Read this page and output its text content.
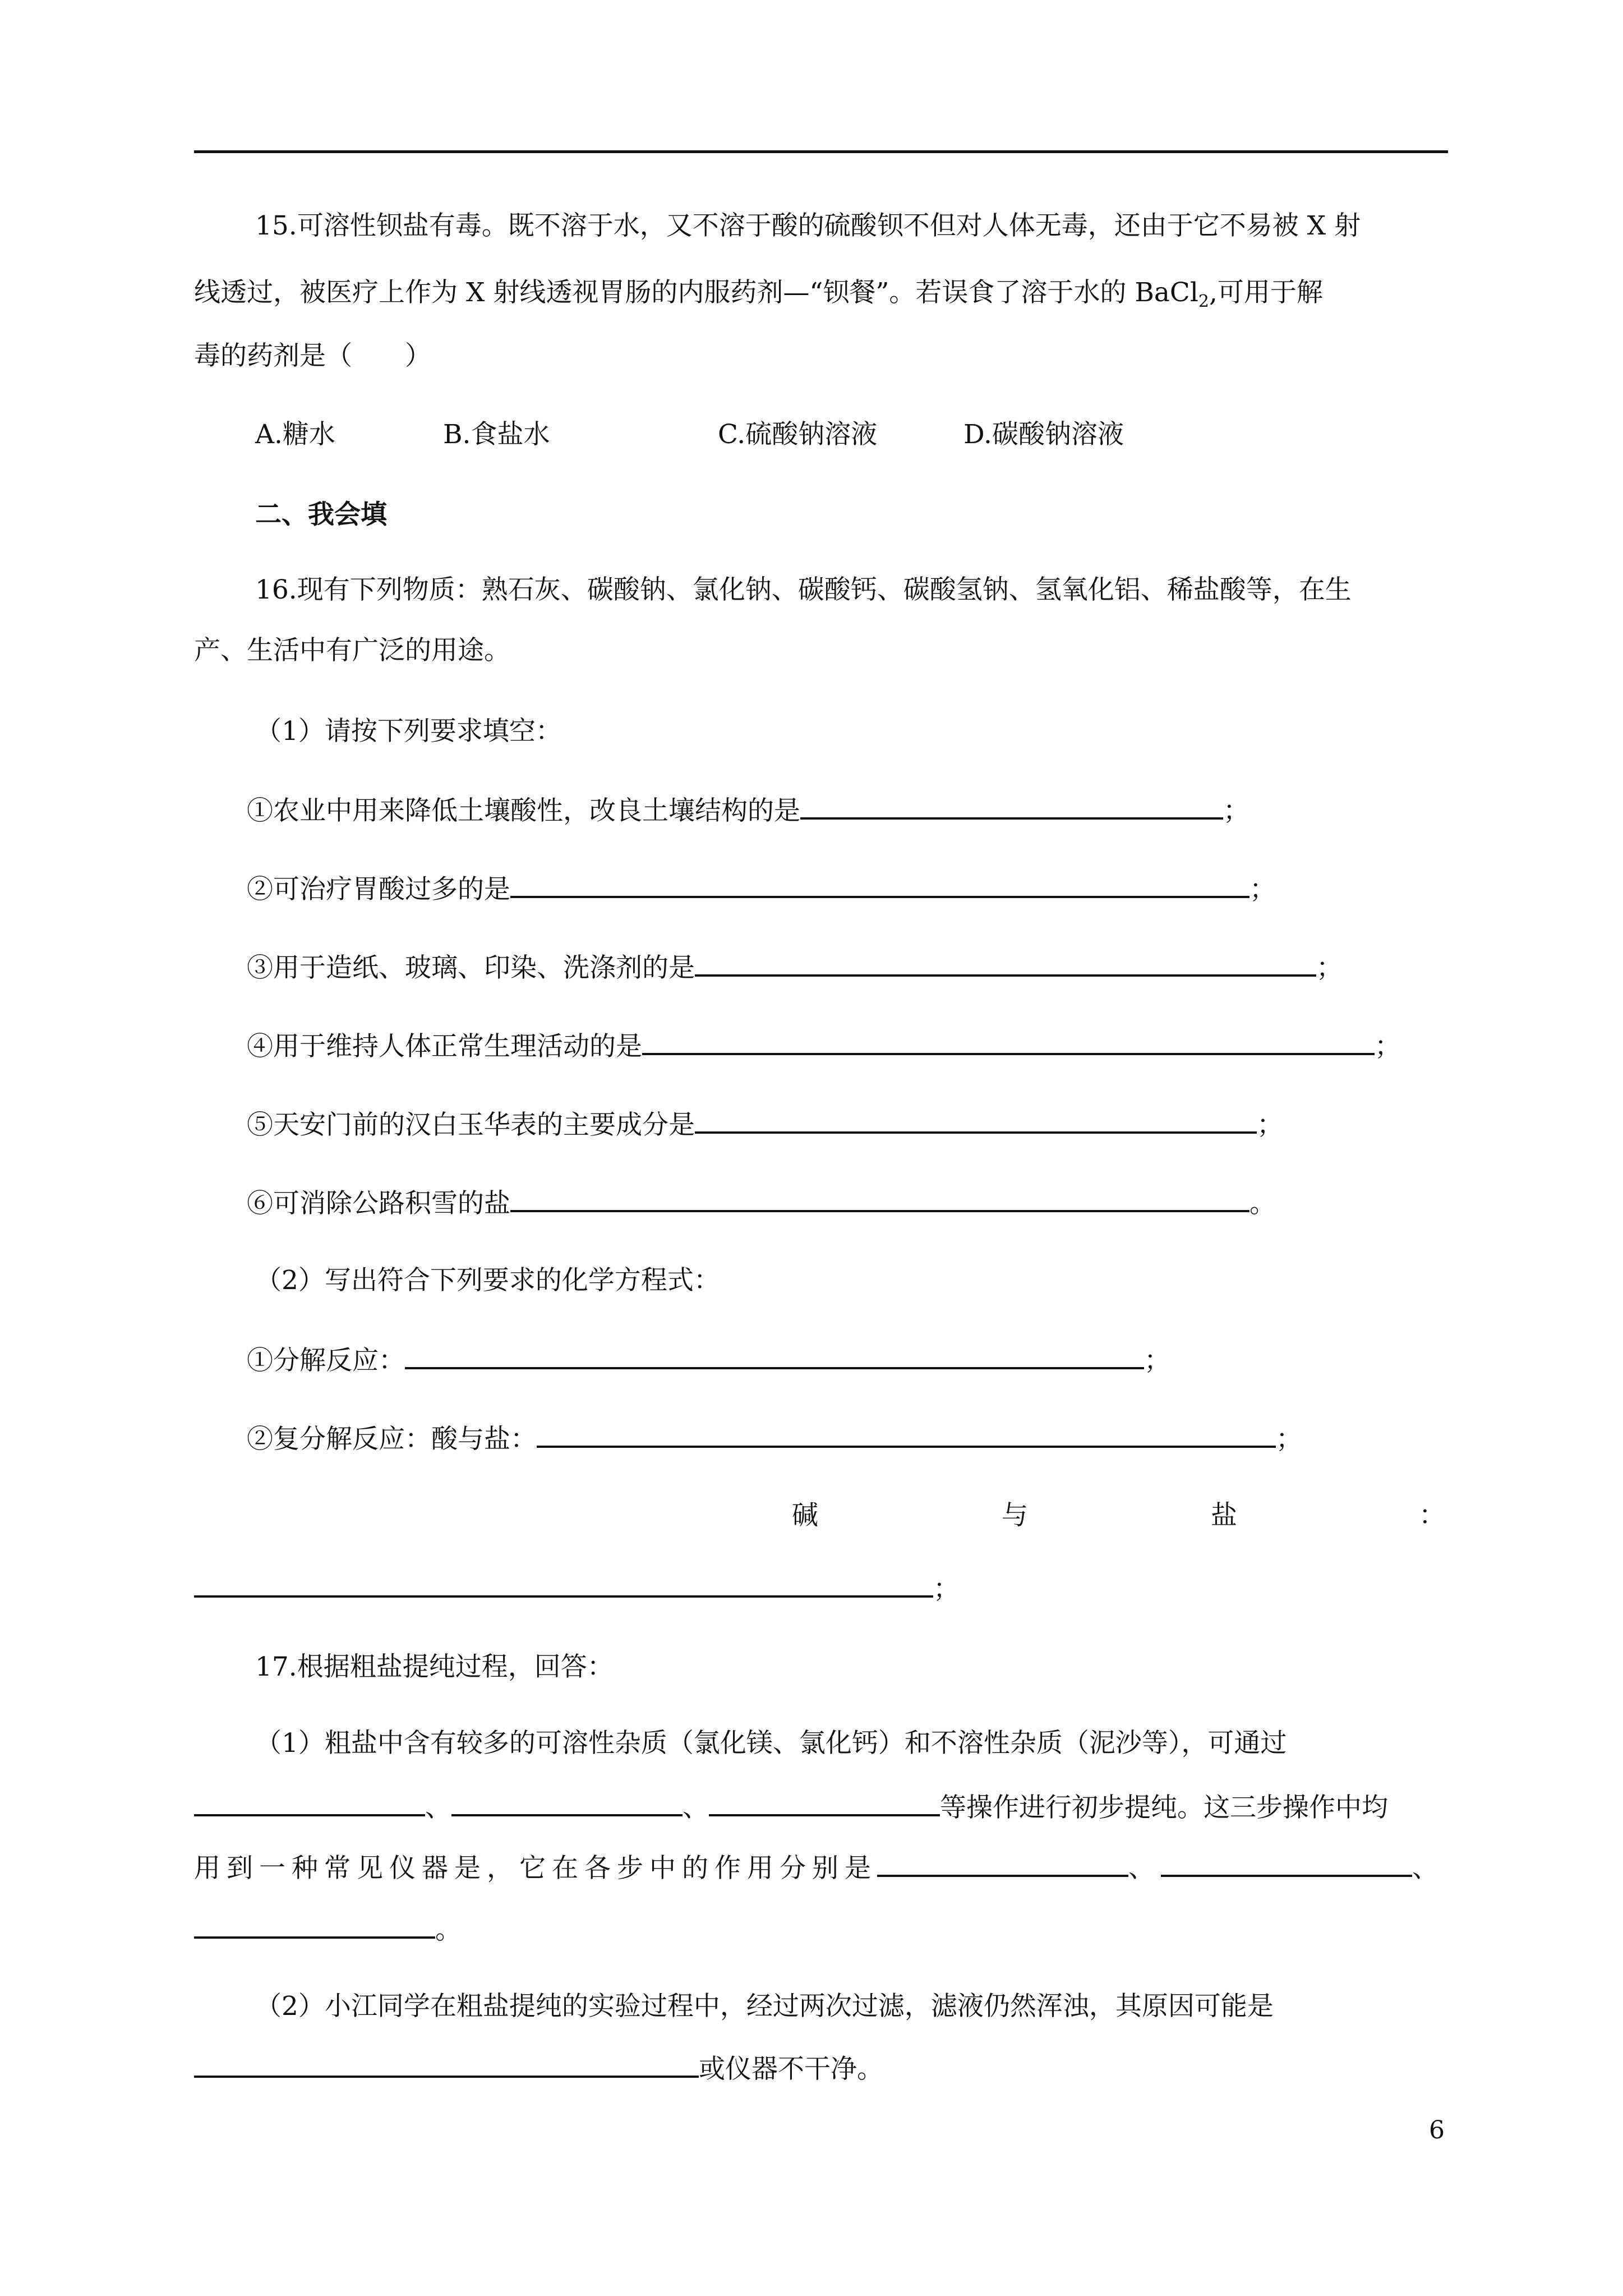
15.可溶性钡盐有毒。既不溶于水，又不溶于酸的硫酸钡不但对人体无毒，还由于它不易被 X 射
线透过，被医疗上作为 X 射线透视胃肠的内服药剂—“钡餐”。若误食了溶于水的 BaCl$_2$,可用于解
毒的药剂是（　　）
A.糖水	B.食盐水	C.硫酸钠溶液	D.碳酸钠溶液
二、我会填
16.现有下列物质：熟石灰、碳酸钠、氯化钠、碳酸钙、碳酸氢钠、氢氧化铝、稀盐酸等，在生
产、生活中有广泛的用途。
（1）请按下列要求填空：
①农业中用来降低土壤酸性，改良土壤结构的是	；
②可治疗胃酸过多的是	；
③用于造纸、玻璃、印染、洗涤剂的是	；
④用于维持人体正常生理活动的是	；
⑤天安门前的汉白玉华表的主要成分是	；
⑥可消除公路积雪的盐	。
（2）写出符合下列要求的化学方程式：
①分解反应：	；
②复分解反应：酸与盐：	；
碱	与	盐	：
；
17.根据粗盐提纯过程，回答：
（1）粗盐中含有较多的可溶性杂质（氯化镁、氯化钙）和不溶性杂质（泥沙等），可通过
、	、	等操作进行初步提纯。这三步操作中均
用到一种常见仪器是，它在各步中的作用分别是	、	、
。
（2）小江同学在粗盐提纯的实验过程中，经过两次过滤，滤液仍然浑浊，其原因可能是
或仪器不干净。
6
